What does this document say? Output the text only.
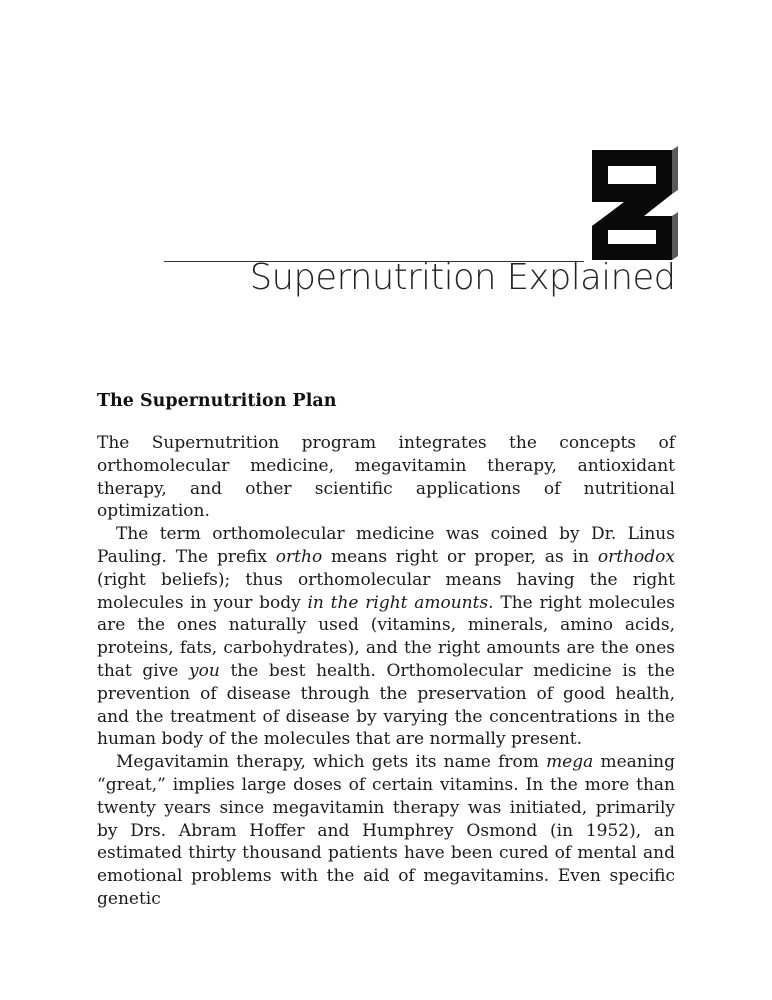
Supernutrition Explained
The Supernutrition Plan

The Supernutrition program integrates the concepts of orthomolecular medicine, megavitamin therapy, antioxidant therapy, and other scientific applications of nutritional optimization.

The term orthomolecular medicine was coined by Dr. Linus Pauling. The prefix ortho means right or proper, as in orthodox (right beliefs); thus orthomolecular means having the right molecules in your body in the right amounts. The right molecules are the ones naturally used (vitamins, minerals, amino acids, proteins, fats, carbohydrates), and the right amounts are the ones that give you the best health. Orthomolecular medicine is the prevention of disease through the preservation of good health, and the treatment of disease by varying the concentrations in the human body of the molecules that are normally present.

Megavitamin therapy, which gets its name from mega meaning “great,” implies large doses of certain vitamins. In the more than twenty years since megavitamin therapy was initiated, primarily by Drs. Abram Hoffer and Humphrey Osmond (in 1952), an estimated thirty thousand patients have been cured of mental and emotional problems with the aid of megavitamins. Even specific genetic
